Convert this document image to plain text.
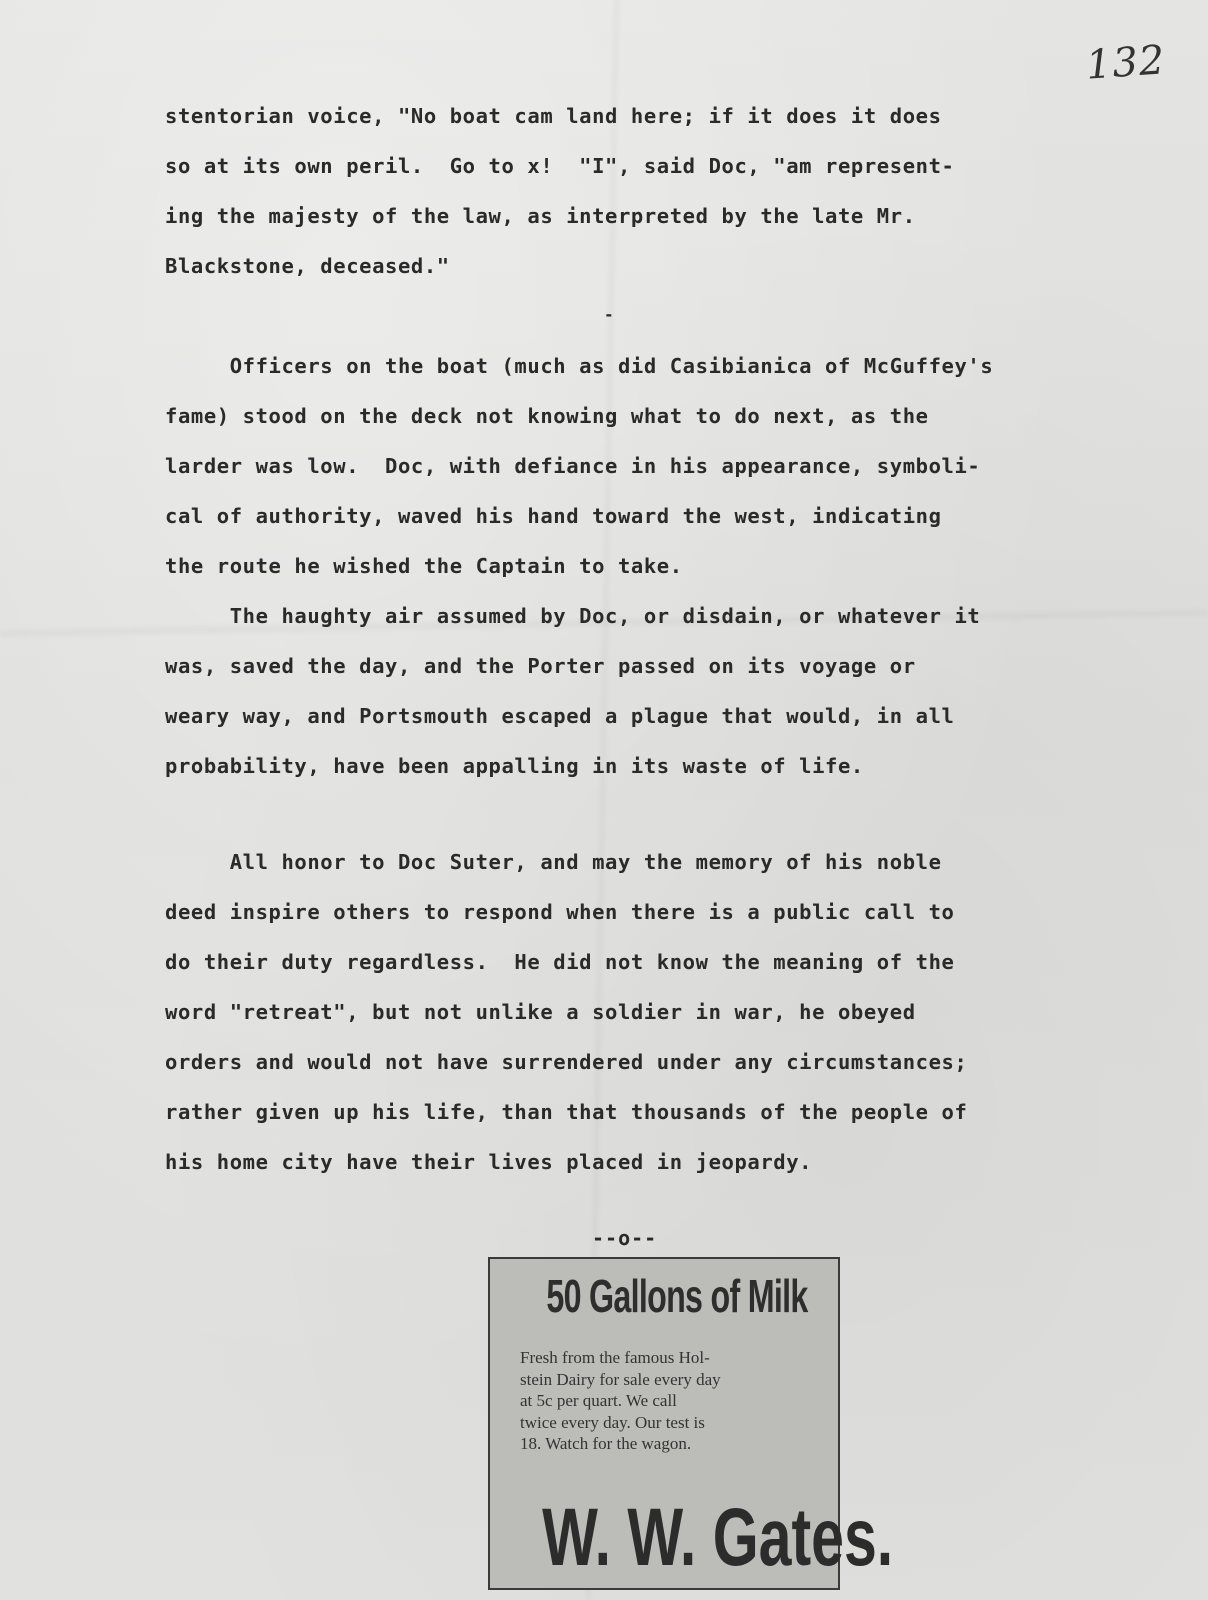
132
stentorian voice, "No boat cam land here; if it does it does
so at its own peril.  Go to x!  "I", said Doc, "am represent-
ing the majesty of the law, as interpreted by the late Mr.
Blackstone, deceased."
-
Officers on the boat (much as did Casibianica of McGuffey's
fame) stood on the deck not knowing what to do next, as the
larder was low.  Doc, with defiance in his appearance, symboli-
cal of authority, waved his hand toward the west, indicating
the route he wished the Captain to take.
The haughty air assumed by Doc, or disdain, or whatever it
was, saved the day, and the Porter passed on its voyage or
weary way, and Portsmouth escaped a plague that would, in all
probability, have been appalling in its waste of life.
All honor to Doc Suter, and may the memory of his noble
deed inspire others to respond when there is a public call to
do their duty regardless.  He did not know the meaning of the
word "retreat", but not unlike a soldier in war, he obeyed
orders and would not have surrendered under any circumstances;
rather given up his life, than that thousands of the people of
his home city have their lives placed in jeopardy.
--o--
50 Gallons of Milk
Fresh from the famous Hol-
stein Dairy for sale every day
at 5c per quart. We call
twice every day. Our test is
18. Watch for the wagon.
W. W. Gates.
